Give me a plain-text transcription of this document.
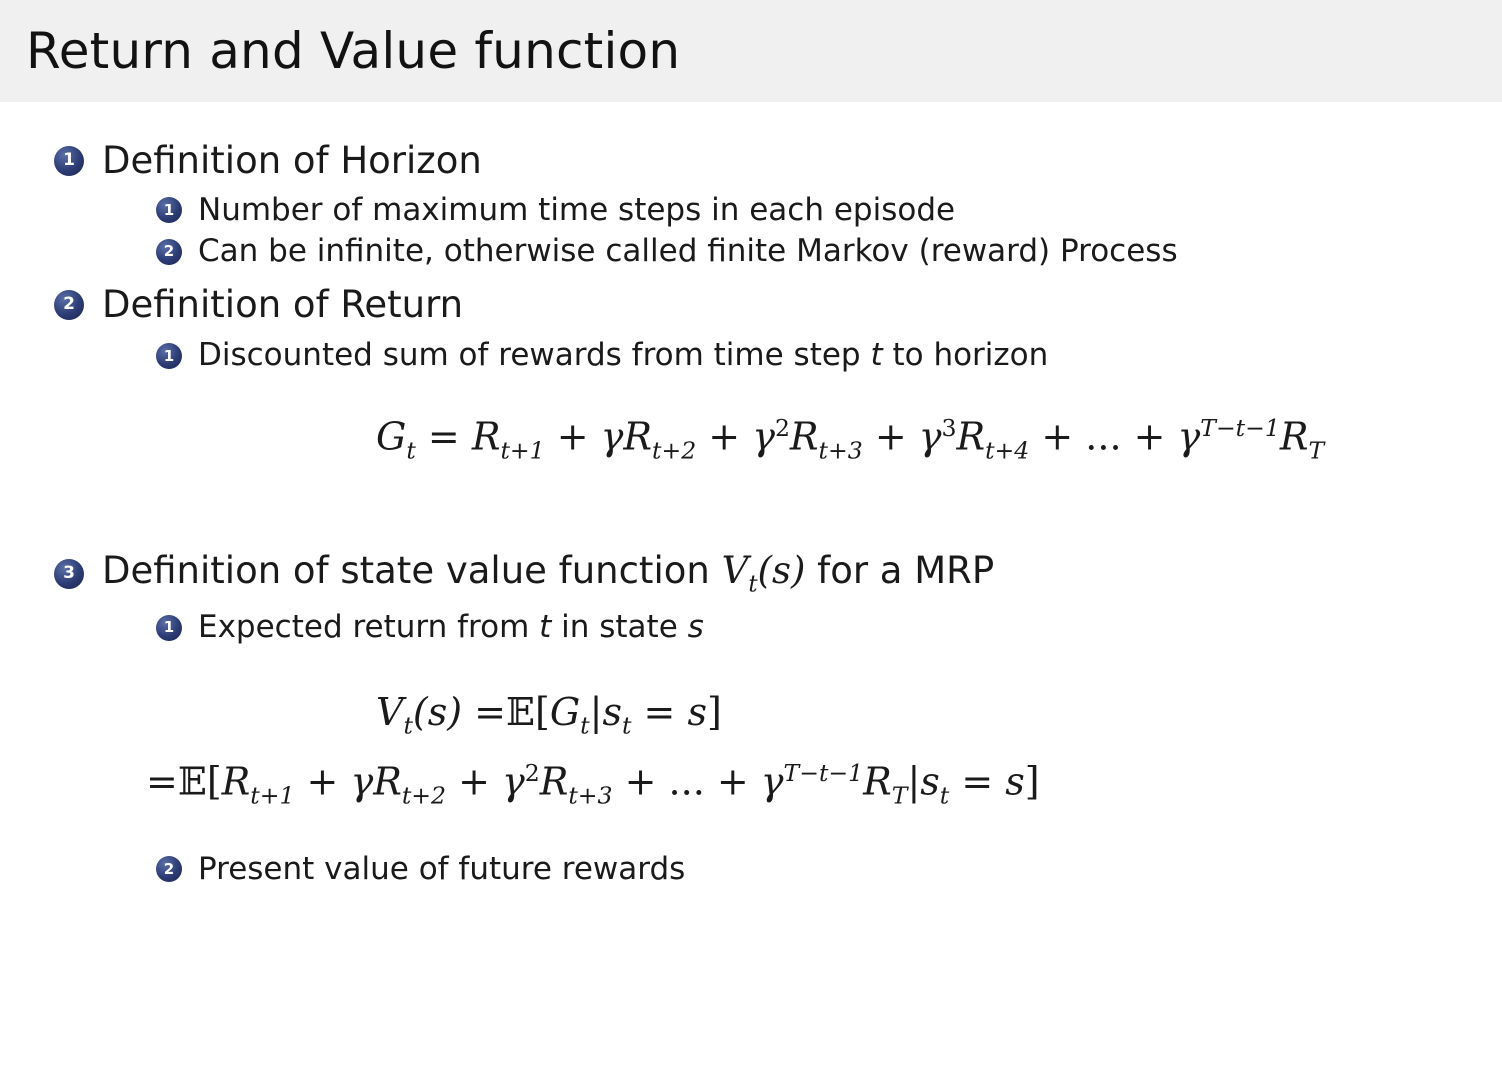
Return and Value function
1 Definition of Horizon
1 Number of maximum time steps in each episode
2 Can be infinite, otherwise called finite Markov (reward) Process
2 Definition of Return
1 Discounted sum of rewards from time step t to horizon
$G_t = R_{t+1} + \gamma R_{t+2} + \gamma^2R_{t+3} + \gamma^3R_{t+4}$ + ... + $\gamma^{T-t-1}R_T$
3 Definition of state value function $V_t(s)$ for a MRP
1 Expected return from t in state s
$V_t(s)$ $=𝔼[G_t|s_t = s]$
$=𝔼[R_{t+1} + \gamma R_{t+2} + \gamma^2R_{t+3}$ + ... + $\gamma^{T-t-1}R_T|s_t = s$]
2 Present value of future rewards
